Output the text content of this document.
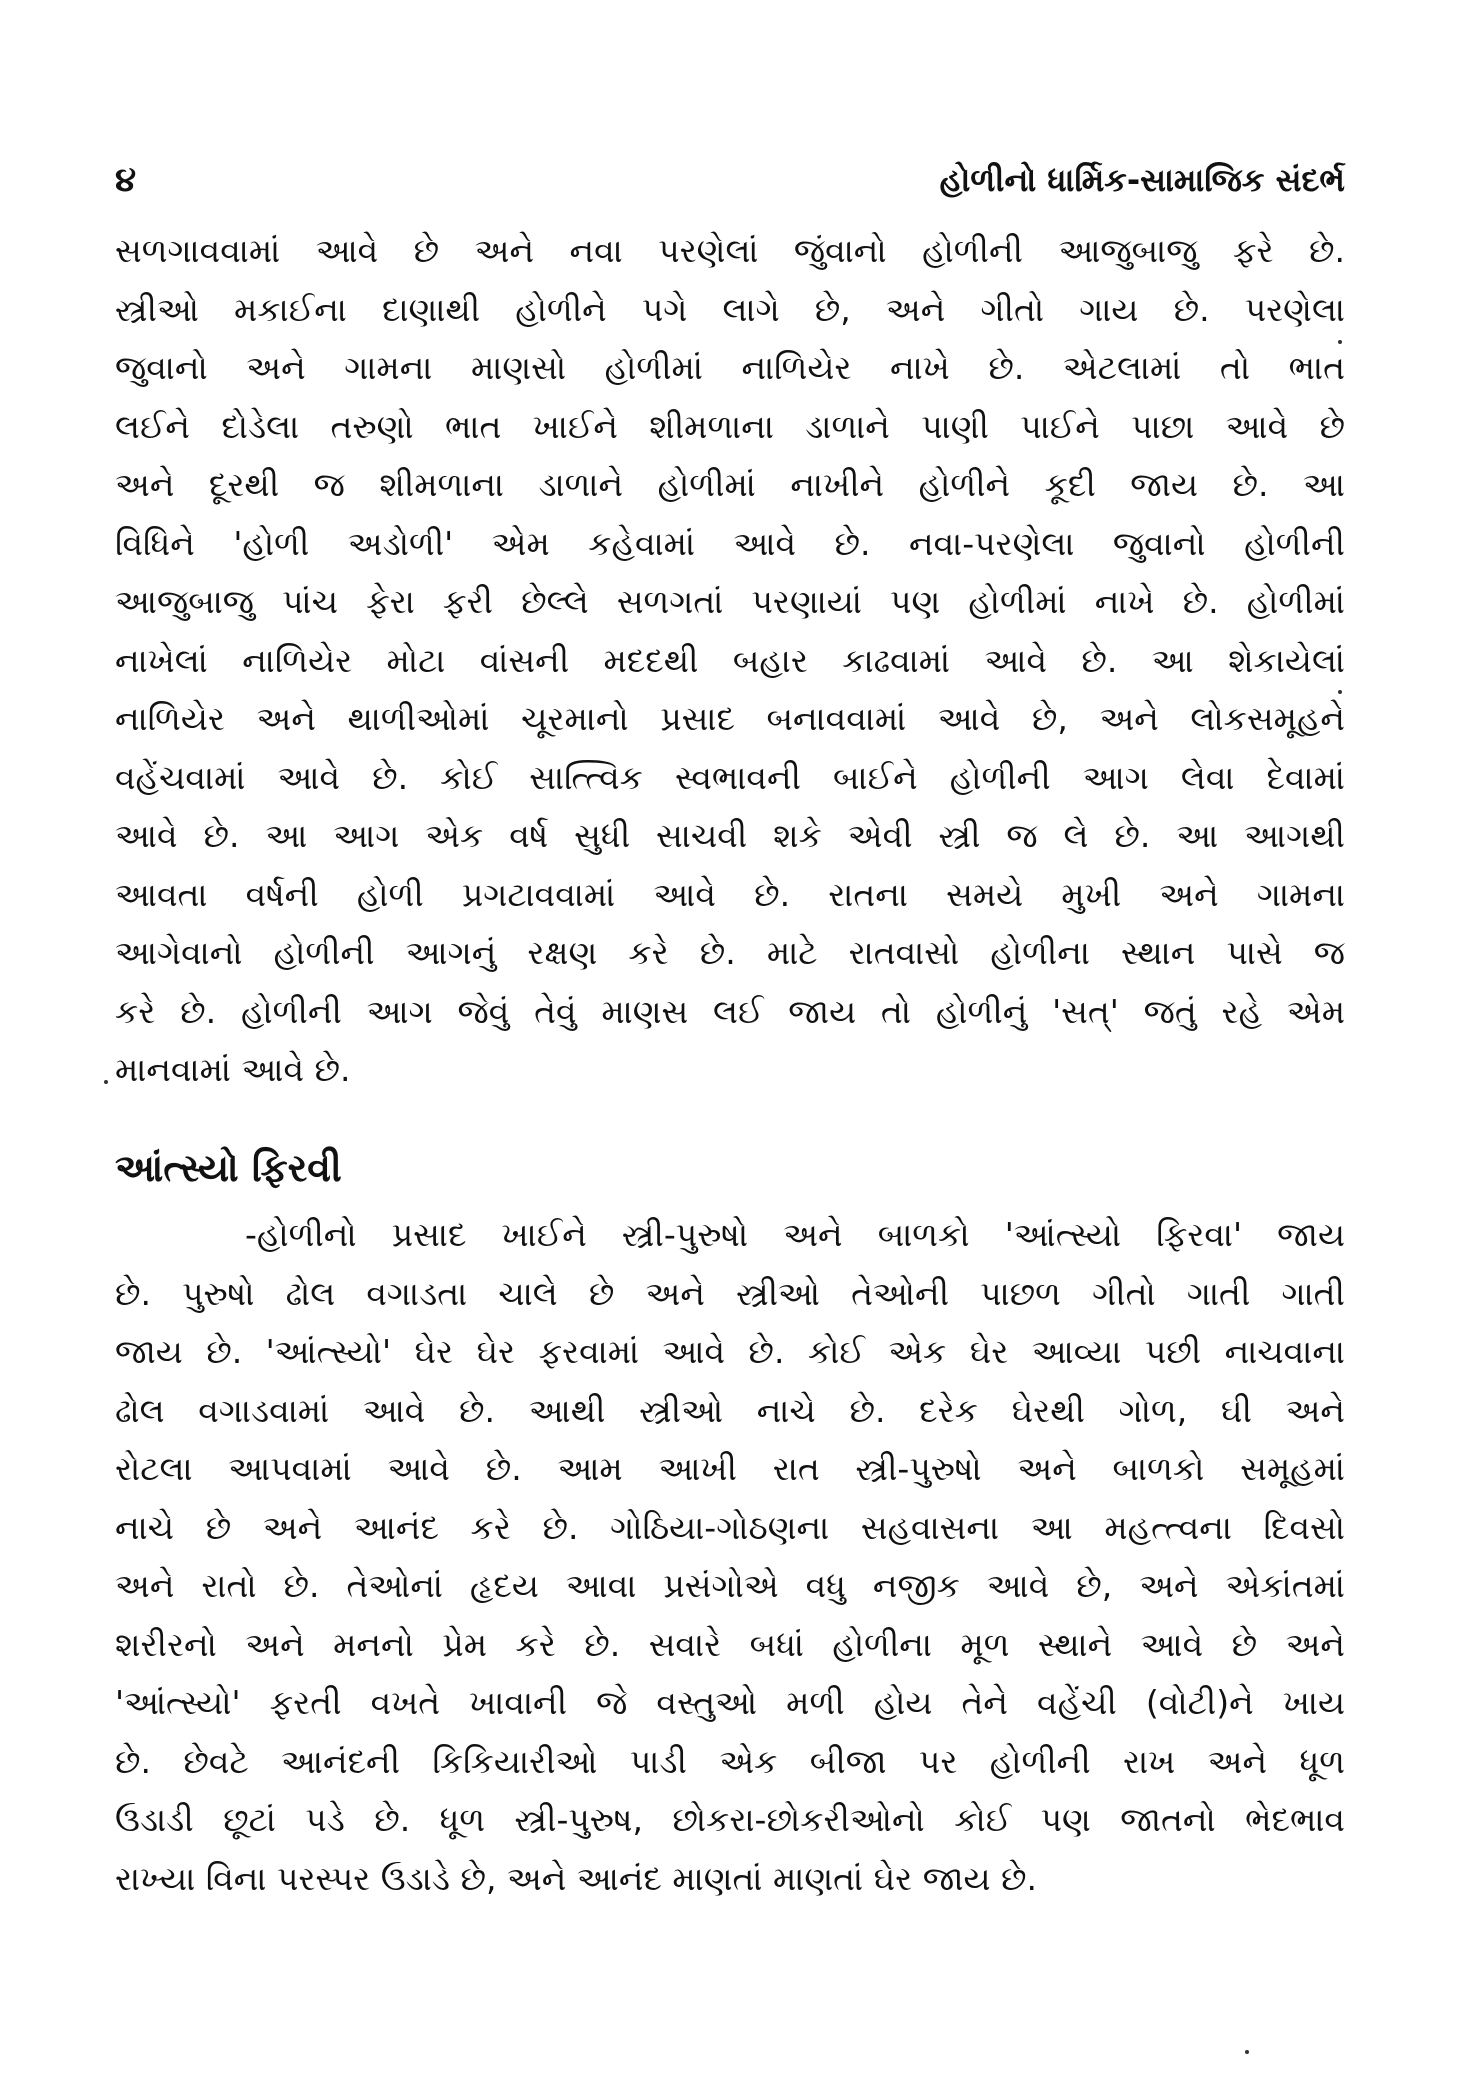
૪	હોળીનો ધાર્મિક-સામાજિક સંદર્ભ
સળગાવવામાં આવે છે અને નવા પરણેલાં જુંવાનો હોળીની આજુબાજુ ફરે છે.
સ્ત્રીઓ મકાઈના દાણાથી હોળીને પગે લાગે છે, અને ગીતો ગાય છે. પરણેલા
જુવાનો અને ગામના માણસો હોળીમાં નાળિયેર નાખે છે. એટલામાં તો ભાત
લઈને દોડેલા તરુણો ભાત ખાઈને શીમળાના ડાળાને પાણી પાઈને પાછા આવે છે
અને દૂરથી જ શીમળાના ડાળાને હોળીમાં નાખીને હોળીને કૂદી જાય છે. આ
વિધિને 'હોળી અડોળી' એમ કહેવામાં આવે છે. નવા-પરણેલા જુવાનો હોળીની
આજુબાજુ પાંચ ફેરા ફરી છેલ્લે સળગતાં પરણાયાં પણ હોળીમાં નાખે છે. હોળીમાં
નાખેલાં નાળિયેર મોટા વાંસની મદદથી બહાર કાઢવામાં આવે છે. આ શેકાયેલાં
નાળિયેર અને થાળીઓમાં ચૂરમાનો પ્રસાદ બનાવવામાં આવે છે, અને લોકસમૂહને
વહેંચવામાં આવે છે. કોઈ સાત્ત્વિક સ્વભાવની બાઈને હોળીની આગ લેવા દેવામાં
આવે છે. આ આગ એક વર્ષ સુધી સાચવી શકે એવી સ્ત્રી જ લે છે. આ આગથી
આવતા વર્ષની હોળી પ્રગટાવવામાં આવે છે. રાતના સમયે મુખી અને ગામના
આગેવાનો હોળીની આગનું રક્ષણ કરે છે. માટે રાતવાસો હોળીના સ્થાન પાસે જ
કરે છે. હોળીની આગ જેવું તેવું માણસ લઈ જાય તો હોળીનું 'સત્' જતું રહે એમ
માનવામાં આવે છે.
આંત્સ્યો ફિરવી
-હોળીનો પ્રસાદ ખાઈને સ્ત્રી-પુરુષો અને બાળકો 'આંત્સ્યો ફિરવા' જાય
છે. પુરુષો ઢોલ વગાડતા ચાલે છે અને સ્ત્રીઓ તેઓની પાછળ ગીતો ગાતી ગાતી
જાય છે. 'આંત્સ્યો' ઘેર ઘેર ફરવામાં આવે છે. કોઈ એક ઘેર આવ્યા પછી નાચવાના
ઢોલ વગાડવામાં આવે છે. આથી સ્ત્રીઓ નાચે છે. દરેક ઘેરથી ગોળ, ઘી અને
રોટલા આપવામાં આવે છે. આમ આખી રાત સ્ત્રી-પુરુષો અને બાળકો સમૂહમાં
નાચે છે અને આનંદ કરે છે. ગોઠિયા-ગોઠણના સહવાસના આ મહત્ત્વના દિવસો
અને રાતો છે. તેઓનાં હૃદય આવા પ્રસંગોએ વધુ નજીક આવે છે, અને એકાંતમાં
શરીરનો અને મનનો પ્રેમ કરે છે. સવારે બધાં હોળીના મૂળ સ્થાને આવે છે અને
'આંત્સ્યો' ફરતી વખતે ખાવાની જે વસ્તુઓ મળી હોય તેને વહેંચી (વોટી)ને ખાય
છે. છેવટે આનંદની કિકિયારીઓ પાડી એક બીજા પર હોળીની રાખ અને ધૂળ
ઉડાડી છૂટાં પડે છે. ધૂળ સ્ત્રી-પુરુષ, છોકરા-છોકરીઓનો કોઈ પણ જાતનો ભેદભાવ
રાખ્યા વિના પરસ્પર ઉડાડે છે, અને આનંદ માણતાં માણતાં ઘેર જાય છે.
